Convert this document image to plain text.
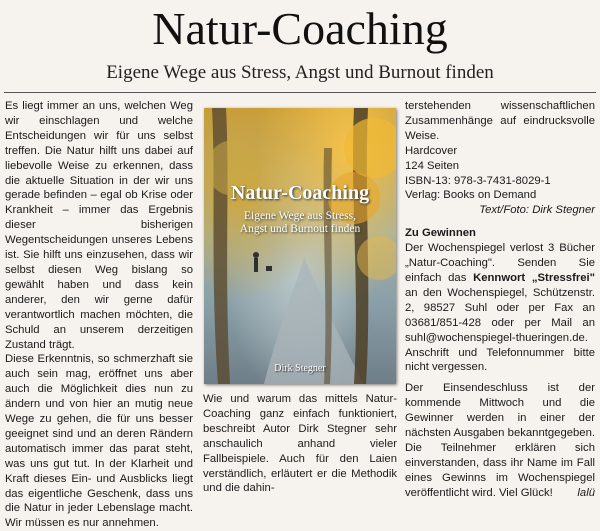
Natur-Coaching
Eigene Wege aus Stress, Angst und Burnout finden

Es liegt immer an uns, welchen Weg wir einschlagen und welche Entscheidungen wir für uns selbst treffen. Die Natur hilft uns dabei auf liebevolle Weise zu erkennen, dass die aktuelle Situation in der wir uns gerade befinden – egal ob Krise oder Krankheit – immer das Ergebnis dieser bisherigen Wegentscheidungen unseres Lebens ist. Sie hilft uns einzusehen, dass wir selbst diesen Weg bislang so gewählt haben und dass kein anderer, den wir gerne dafür verantwortlich machen möchten, die Schuld an unserem derzeitigen Zustand trägt.

Diese Erkenntnis, so schmerzhaft sie auch sein mag, eröffnet uns aber auch die Möglichkeit dies nun zu ändern und von hier an mutig neue Wege zu gehen, die für uns besser geeignet sind und an deren Rändern automatisch immer das parat steht, was uns gut tut. In der Klarheit und Kraft dieses Ein- und Ausblicks liegt das eigentliche Geschenk, dass uns die Natur in jeder Lebenslage macht. Wir müssen es nur annehmen.

Natur-Coaching
Eigene Wege aus Stress,
Angst und Burnout finden
Dirk Stegner
Wie und warum das mittels Natur-Coaching ganz einfach funktioniert, beschreibt Autor Dirk Stegner sehr anschaulich anhand vieler Fallbeispiele. Auch für den Laien verständlich, erläutert er die Methodik und die dahin-

terstehenden wissenschaftlichen Zusammenhänge auf eindrucksvolle Weise.

Hardcover

124 Seiten

ISBN-13: 978-3-7431-8029-1

Verlag: Books on Demand

Text/Foto: Dirk Stegner

Zu Gewinnen

Der Wochenspiegel verlost 3 Bücher „Natur-Coaching". Senden Sie einfach das Kennwort „Stressfrei" an den Wochenspiegel, Schützenstr. 2, 98527 Suhl oder per Fax an 03681/851-428 oder per Mail an suhl@wochenspiegel-thueringen.de. Anschrift und Telefonnummer bitte nicht vergessen.

Der Einsendeschluss ist der kommende Mittwoch und die Gewinner werden in einer der nächsten Ausgaben bekanntgegeben. Die Teilnehmer erklären sich einverstanden, dass ihr Name im Fall eines Gewinns im Wochenspiegel veröffentlicht wird. Viel Glück!	lalü
